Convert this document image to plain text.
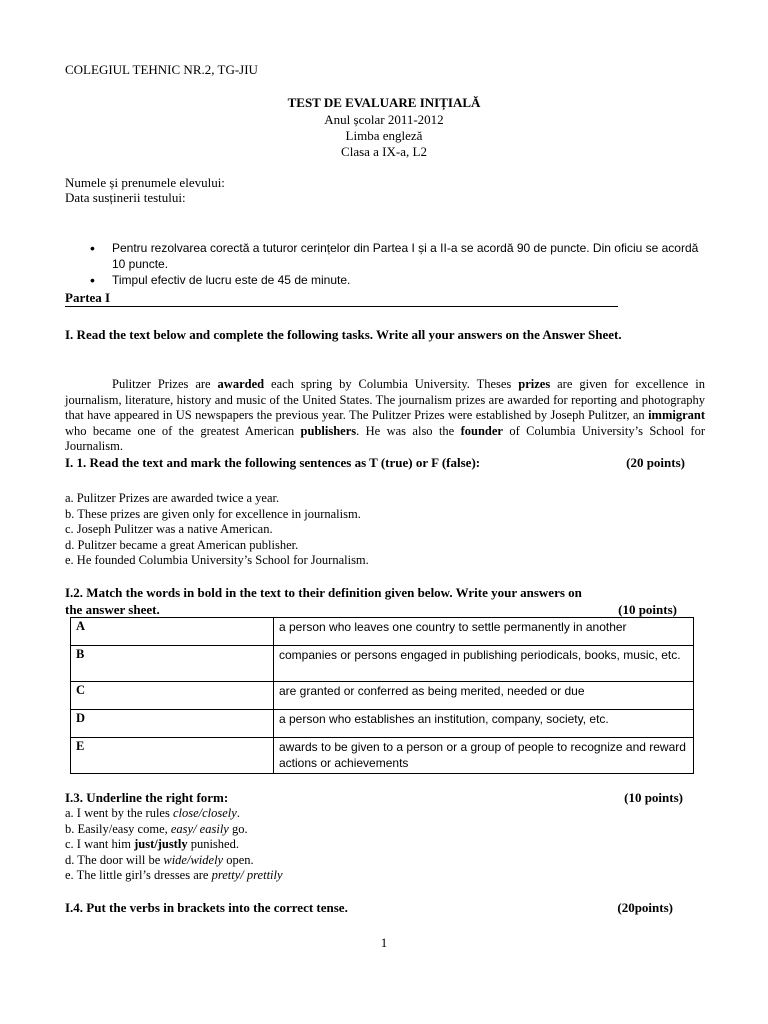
COLEGIUL TEHNIC NR.2, TG-JIU
TEST DE EVALUARE INIȚIALĂ
Anul școlar 2011-2012
Limba engleză
Clasa a IX-a, L2
Numele și prenumele elevului:
Data susținerii testului:
• Pentru rezolvarea corectă a tuturor cerințelor din Partea I și a II-a se acordă 90 de puncte. Din oficiu se acordă 10 puncte.
• Timpul efectiv de lucru este de 45 de minute.
Partea I
I. Read the text below and complete the following tasks. Write all your answers on the Answer Sheet.
Pulitzer Prizes are awarded each spring by Columbia University. Theses prizes are given for excellence in journalism, literature, history and music of the United States. The journalism prizes are awarded for reporting and photography that have appeared in US newspapers the previous year. The Pulitzer Prizes were established by Joseph Pulitzer, an immigrant who became one of the greatest American publishers. He was also the founder of Columbia University’s School for Journalism.
I. 1. Read the text and mark the following sentences as T (true) or F (false):	(20 points)
a. Pulitzer Prizes are awarded twice a year.
b. These prizes are given only for excellence in journalism.
c. Joseph Pulitzer was a native American.
d. Pulitzer became a great American publisher.
e. He founded Columbia University’s School for Journalism.
I.2. Match the words in bold in the text to their definition given below. Write your answers on
the answer sheet.	(10 points)
A	a person who leaves one country to settle permanently in another
B	companies or persons engaged in publishing periodicals, books, music, etc.
C	are granted or conferred as being merited, needed or due
D	a person who establishes an institution, company, society, etc.
E	awards to be given to a person or a group of people to recognize and reward actions or achievements
I.3. Underline the right form:	(10 points)
a. I went by the rules close/closely.
b. Easily/easy come, easy/ easily go.
c. I want him just/justly punished.
d. The door will be wide/widely open.
e. The little girl’s dresses are pretty/ prettily
I.4. Put the verbs in brackets into the correct tense.	(20points)
1
